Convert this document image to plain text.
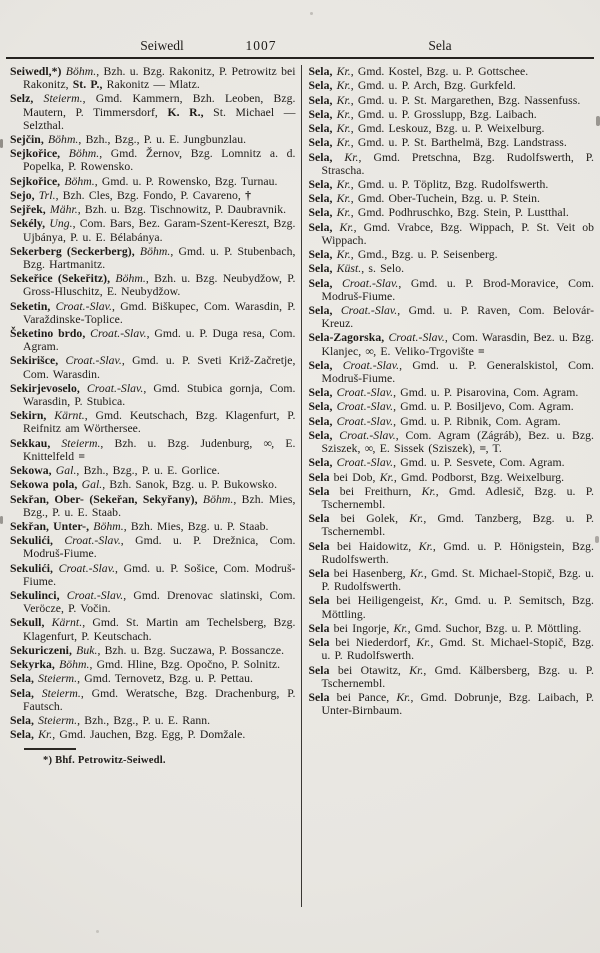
Seiwedl	1007	Sela

Seiwedl,*) Böhm., Bzh. u. Bzg. Rakonitz, P. Petrowitz bei Rakonitz, St. P., Rakonitz — Mlatz.

Selz, Steierm., Gmd. Kammern, Bzh. Leoben, Bzg. Mautern, P. Timmersdorf, K. R., St. Michael — Selzthal.

Sejčin, Böhm., Bzh., Bzg., P. u. E. Jungbunzlau.

Sejkořice, Böhm., Gmd. Žernov, Bzg. Lomnitz a. d. Popelka, P. Rowensko.

Sejkořice, Böhm., Gmd. u. P. Rowensko, Bzg. Turnau.

Sejo, Trl., Bzh. Cles, Bzg. Fondo, P. Cavareno, †

Sejřek, Mähr., Bzh. u. Bzg. Tischnowitz, P. Daubravnik.

Sekély, Ung., Com. Bars, Bez. Garam-Szent-Kereszt, Bzg. Ujbánya, P. u. E. Bélabánya.

Sekerberg (Seckerberg), Böhm., Gmd. u. P. Stubenbach, Bzg. Hartmanitz.

Sekeřice (Sekeřitz), Böhm., Bzh. u. Bzg. Neubydžow, P. Gross-Hluschitz, E. Neubydžow.

Seketin, Croat.-Slav., Gmd. Biškupec, Com. Warasdin, P. Varaždinske-Toplice.

Šeketino brdo, Croat.-Slav., Gmd. u. P. Duga resa, Com. Agram.

Sekirišce, Croat.-Slav., Gmd. u. P. Sveti Križ-Začretje, Com. Warasdin.

Sekirjevoselo, Croat.-Slav., Gmd. Stubica gornja, Com. Warasdin, P. Stubica.

Sekirn, Kärnt., Gmd. Keutschach, Bzg. Klagenfurt, P. Reifnitz am Wörthersee.

Sekkau, Steierm., Bzh. u. Bzg. Judenburg, ∞, E. Knittelfeld =

Sekowa, Gal., Bzh., Bzg., P. u. E. Gorlice.

Sekowa pola, Gal., Bzh. Sanok, Bzg. u. P. Bukowsko.

Sekřan, Ober- (Sekeřan, Sekyřany), Böhm., Bzh. Mies, Bzg., P. u. E. Staab.

Sekřan, Unter-, Böhm., Bzh. Mies, Bzg. u. P. Staab.

Sekulići, Croat.-Slav., Gmd. u. P. Drežnica, Com. Modruš-Fiume.

Sekulići, Croat.-Slav., Gmd. u. P. Sošice, Com. Modruš-Fiume.

Sekulinci, Croat.-Slav., Gmd. Drenovac slatinski, Com. Veröcze, P. Vočin.

Sekull, Kärnt., Gmd. St. Martin am Techelsberg, Bzg. Klagenfurt, P. Keutschach.

Sekuriczeni, Buk., Bzh. u. Bzg. Suczawa, P. Bossancze.

Sekyrka, Böhm., Gmd. Hline, Bzg. Opočno, P. Solnitz.

Sela, Steierm., Gmd. Ternovetz, Bzg. u. P. Pettau.

Sela, Steierm., Gmd. Weratsche, Bzg. Drachenburg, P. Fautsch.

Sela, Steierm., Bzh., Bzg., P. u. E. Rann.

Sela, Kr., Gmd. Jauchen, Bzg. Egg, P. Domžale.

*) Bhf. Petrowitz-Seiwedl.

Sela, Kr., Gmd. Kostel, Bzg. u. P. Gottschee.

Sela, Kr., Gmd. u. P. Arch, Bzg. Gurkfeld.

Sela, Kr., Gmd. u. P. St. Margarethen, Bzg. Nassenfuss.

Sela, Kr., Gmd. u. P. Grosslupp, Bzg. Laibach.

Sela, Kr., Gmd. Leskouz, Bzg. u. P. Weixelburg.

Sela, Kr., Gmd. u. P. St. Barthelmä, Bzg. Landstrass.

Sela, Kr., Gmd. Pretschna, Bzg. Rudolfswerth, P. Strascha.

Sela, Kr., Gmd. u. P. Töplitz, Bzg. Rudolfswerth.

Sela, Kr., Gmd. Ober-Tuchein, Bzg. u. P. Stein.

Sela, Kr., Gmd. Podhruschko, Bzg. Stein, P. Lustthal.

Sela, Kr., Gmd. Vrabce, Bzg. Wippach, P. St. Veit ob Wippach.

Sela, Kr., Gmd., Bzg. u. P. Seisenberg.

Sela, Küst., s. Selo.

Sela, Croat.-Slav., Gmd. u. P. Brod-Moravice, Com. Modruš-Fiume.

Sela, Croat.-Slav., Gmd. u. P. Raven, Com. Belovár-Kreuz.

Sela-Zagorska, Croat.-Slav., Com. Warasdin, Bez. u. Bzg. Klanjec, ∞, E. Veliko-Trgovište =

Sela, Croat.-Slav., Gmd. u. P. Generalskistol, Com. Modruš-Fiume.

Sela, Croat.-Slav., Gmd. u. P. Pisarovina, Com. Agram.

Sela, Croat.-Slav., Gmd. u. P. Bosiljevo, Com. Agram.

Sela, Croat.-Slav., Gmd. u. P. Ribnik, Com. Agram.

Sela, Croat.-Slav., Com. Agram (Zágráb), Bez. u. Bzg. Sziszek, ∞, E. Sissek (Sziszek), =, T.

Sela, Croat.-Slav., Gmd. u. P. Sesvete, Com. Agram.

Sela bei Dob, Kr., Gmd. Podborst, Bzg. Weixelburg.

Sela bei Freithurn, Kr., Gmd. Adlesič, Bzg. u. P. Tschernembl.

Sela bei Golek, Kr., Gmd. Tanzberg, Bzg. u. P. Tschernembl.

Sela bei Haidowitz, Kr., Gmd. u. P. Hönigstein, Bzg. Rudolfswerth.

Sela bei Hasenberg, Kr., Gmd. St. Michael-Stopič, Bzg. u. P. Rudolfswerth.

Sela bei Heiligengeist, Kr., Gmd. u. P. Semitsch, Bzg. Möttling.

Sela bei Ingorje, Kr., Gmd. Suchor, Bzg. u. P. Möttling.

Sela bei Niederdorf, Kr., Gmd. St. Michael-Stopič, Bzg. u. P. Rudolfswerth.

Sela bei Otawitz, Kr., Gmd. Kälbersberg, Bzg. u. P. Tschernembl.

Sela bei Pance, Kr., Gmd. Dobrunje, Bzg. Laibach, P. Unter-Birnbaum.
